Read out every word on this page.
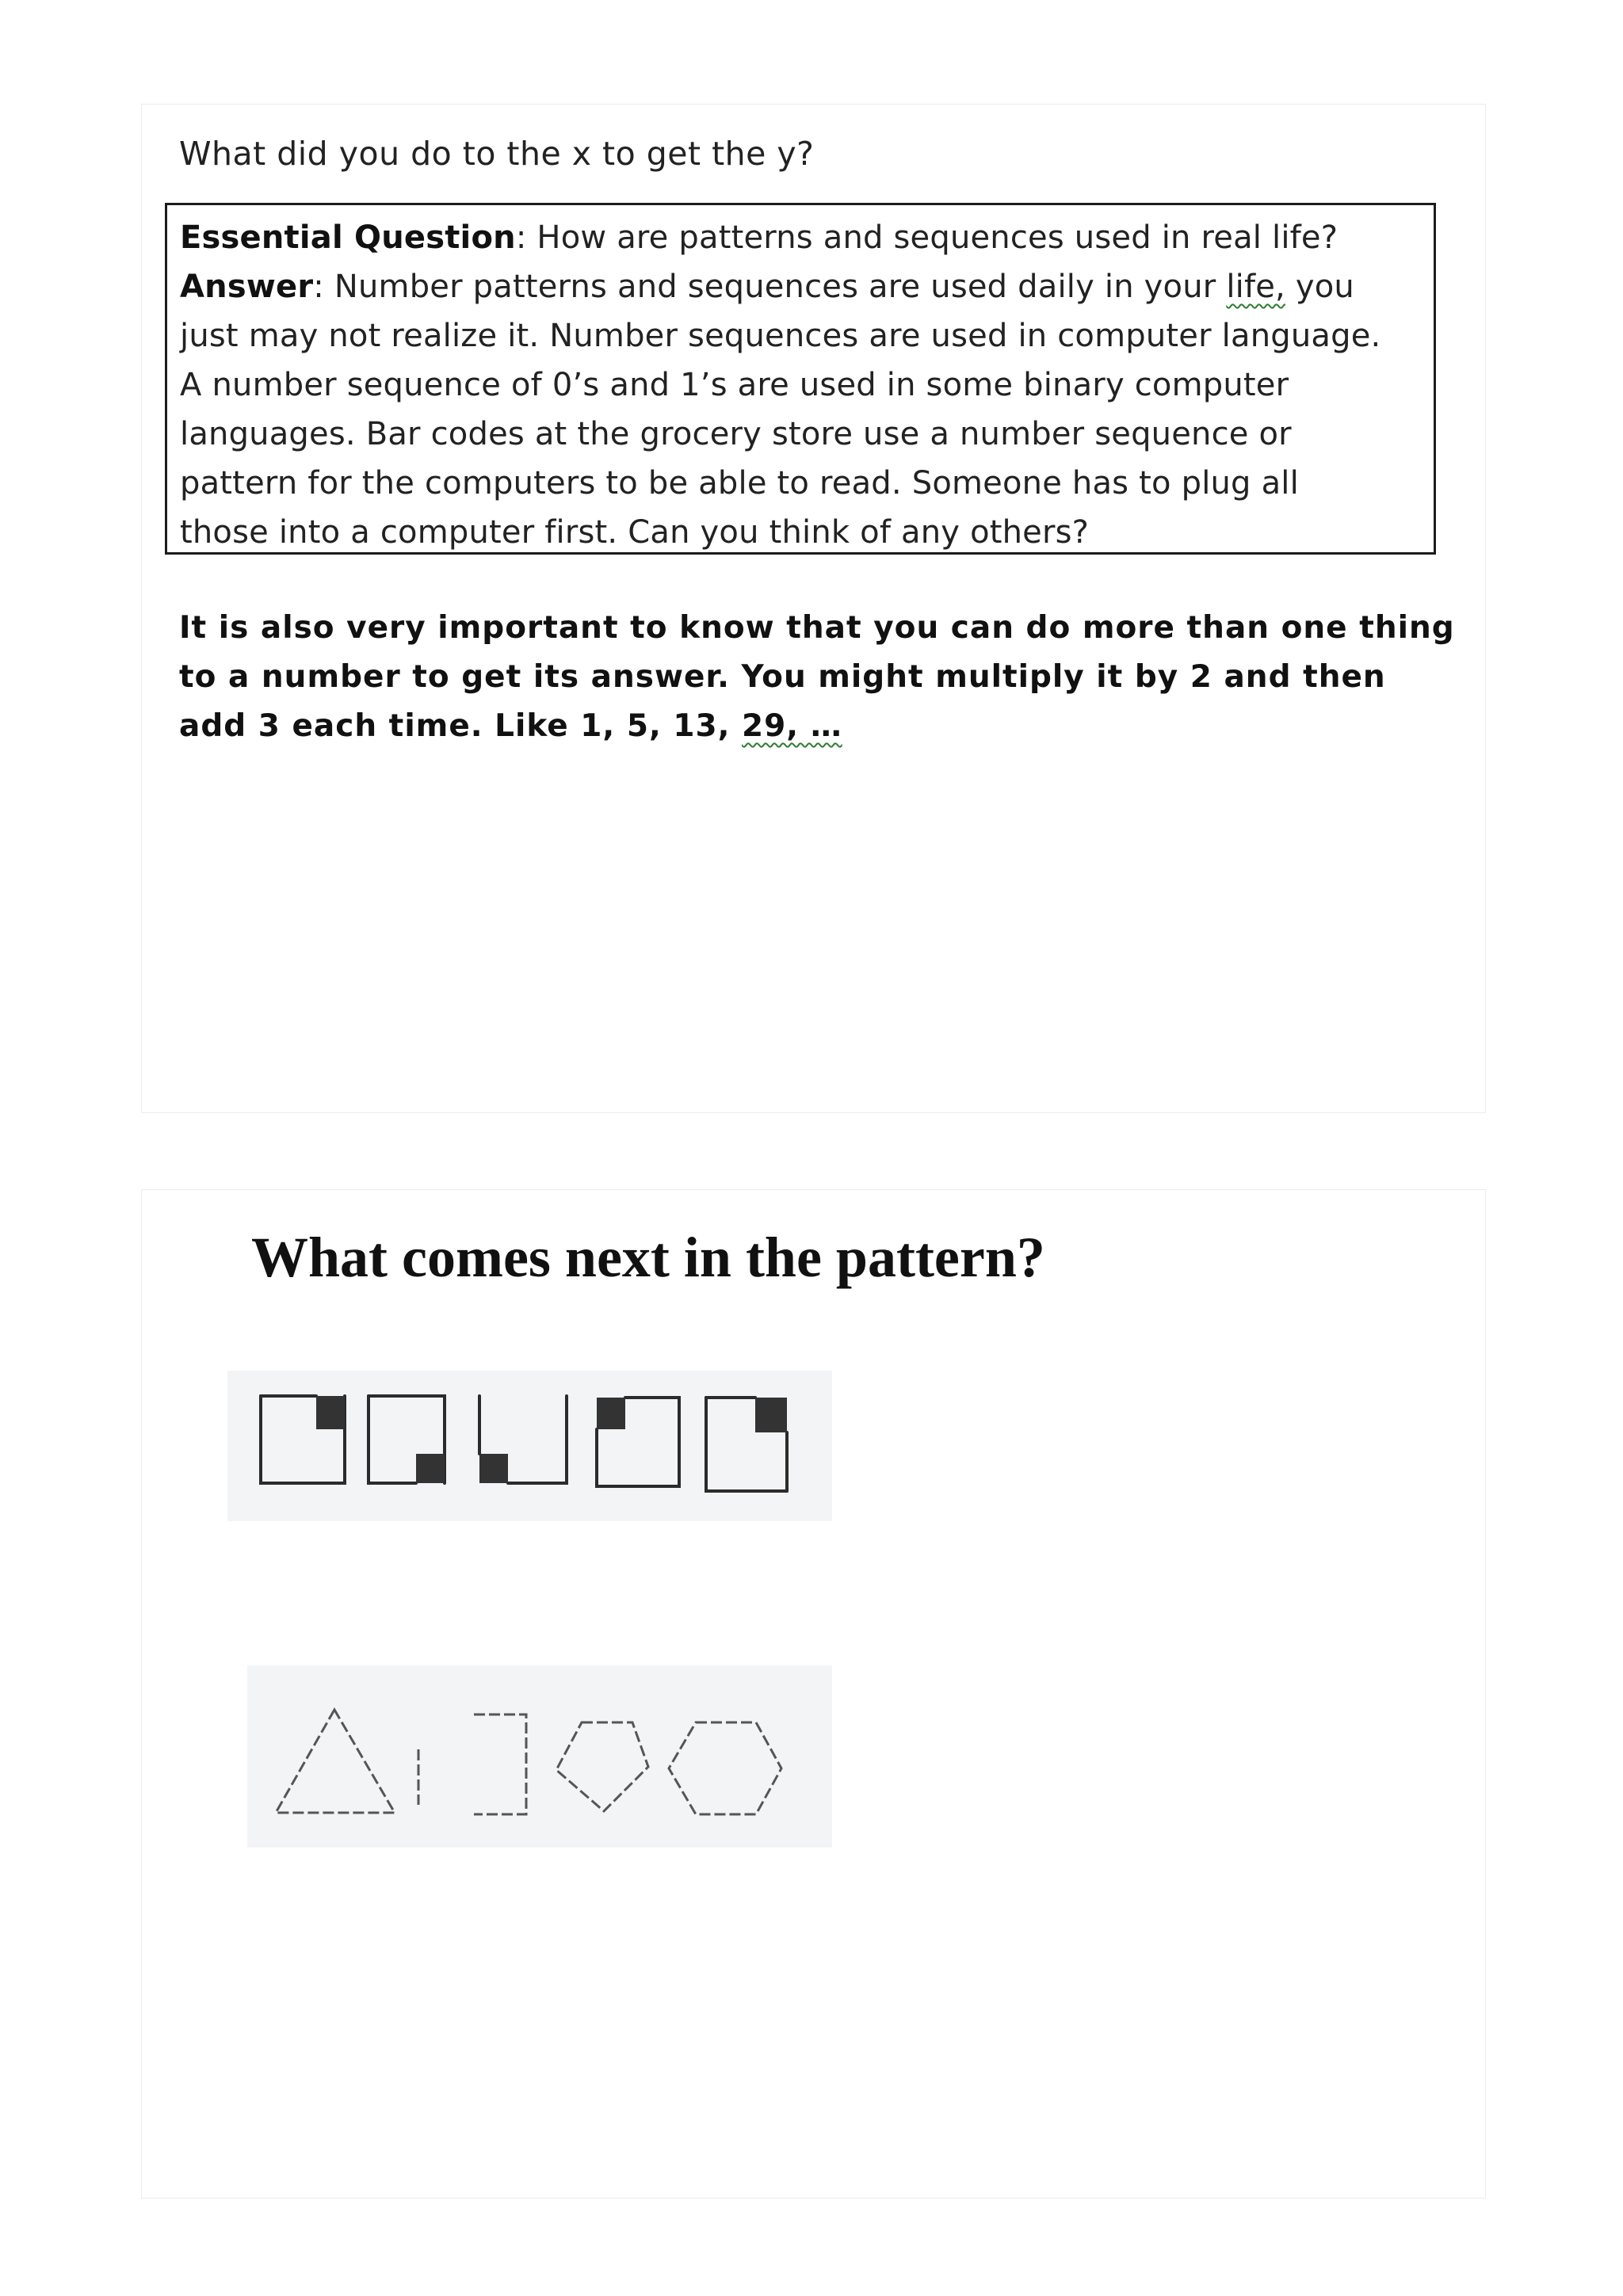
What did you do to the x to get the y?

Essential Question: How are patterns and sequences used in real life?

Answer: Number patterns and sequences are used daily in your life, you

just may not realize it. Number sequences are used in computer language.

A number sequence of 0’s and 1’s are used in some binary computer

languages. Bar codes at the grocery store use a number sequence or

pattern for the computers to be able to read. Someone has to plug all

those into a computer first. Can you think of any others?

It is also very important to know that you can do more than one thing

to a number to get its answer. You might multiply it by 2 and then

add 3 each time. Like 1, 5, 13, 29, …

What comes next in the pattern?
